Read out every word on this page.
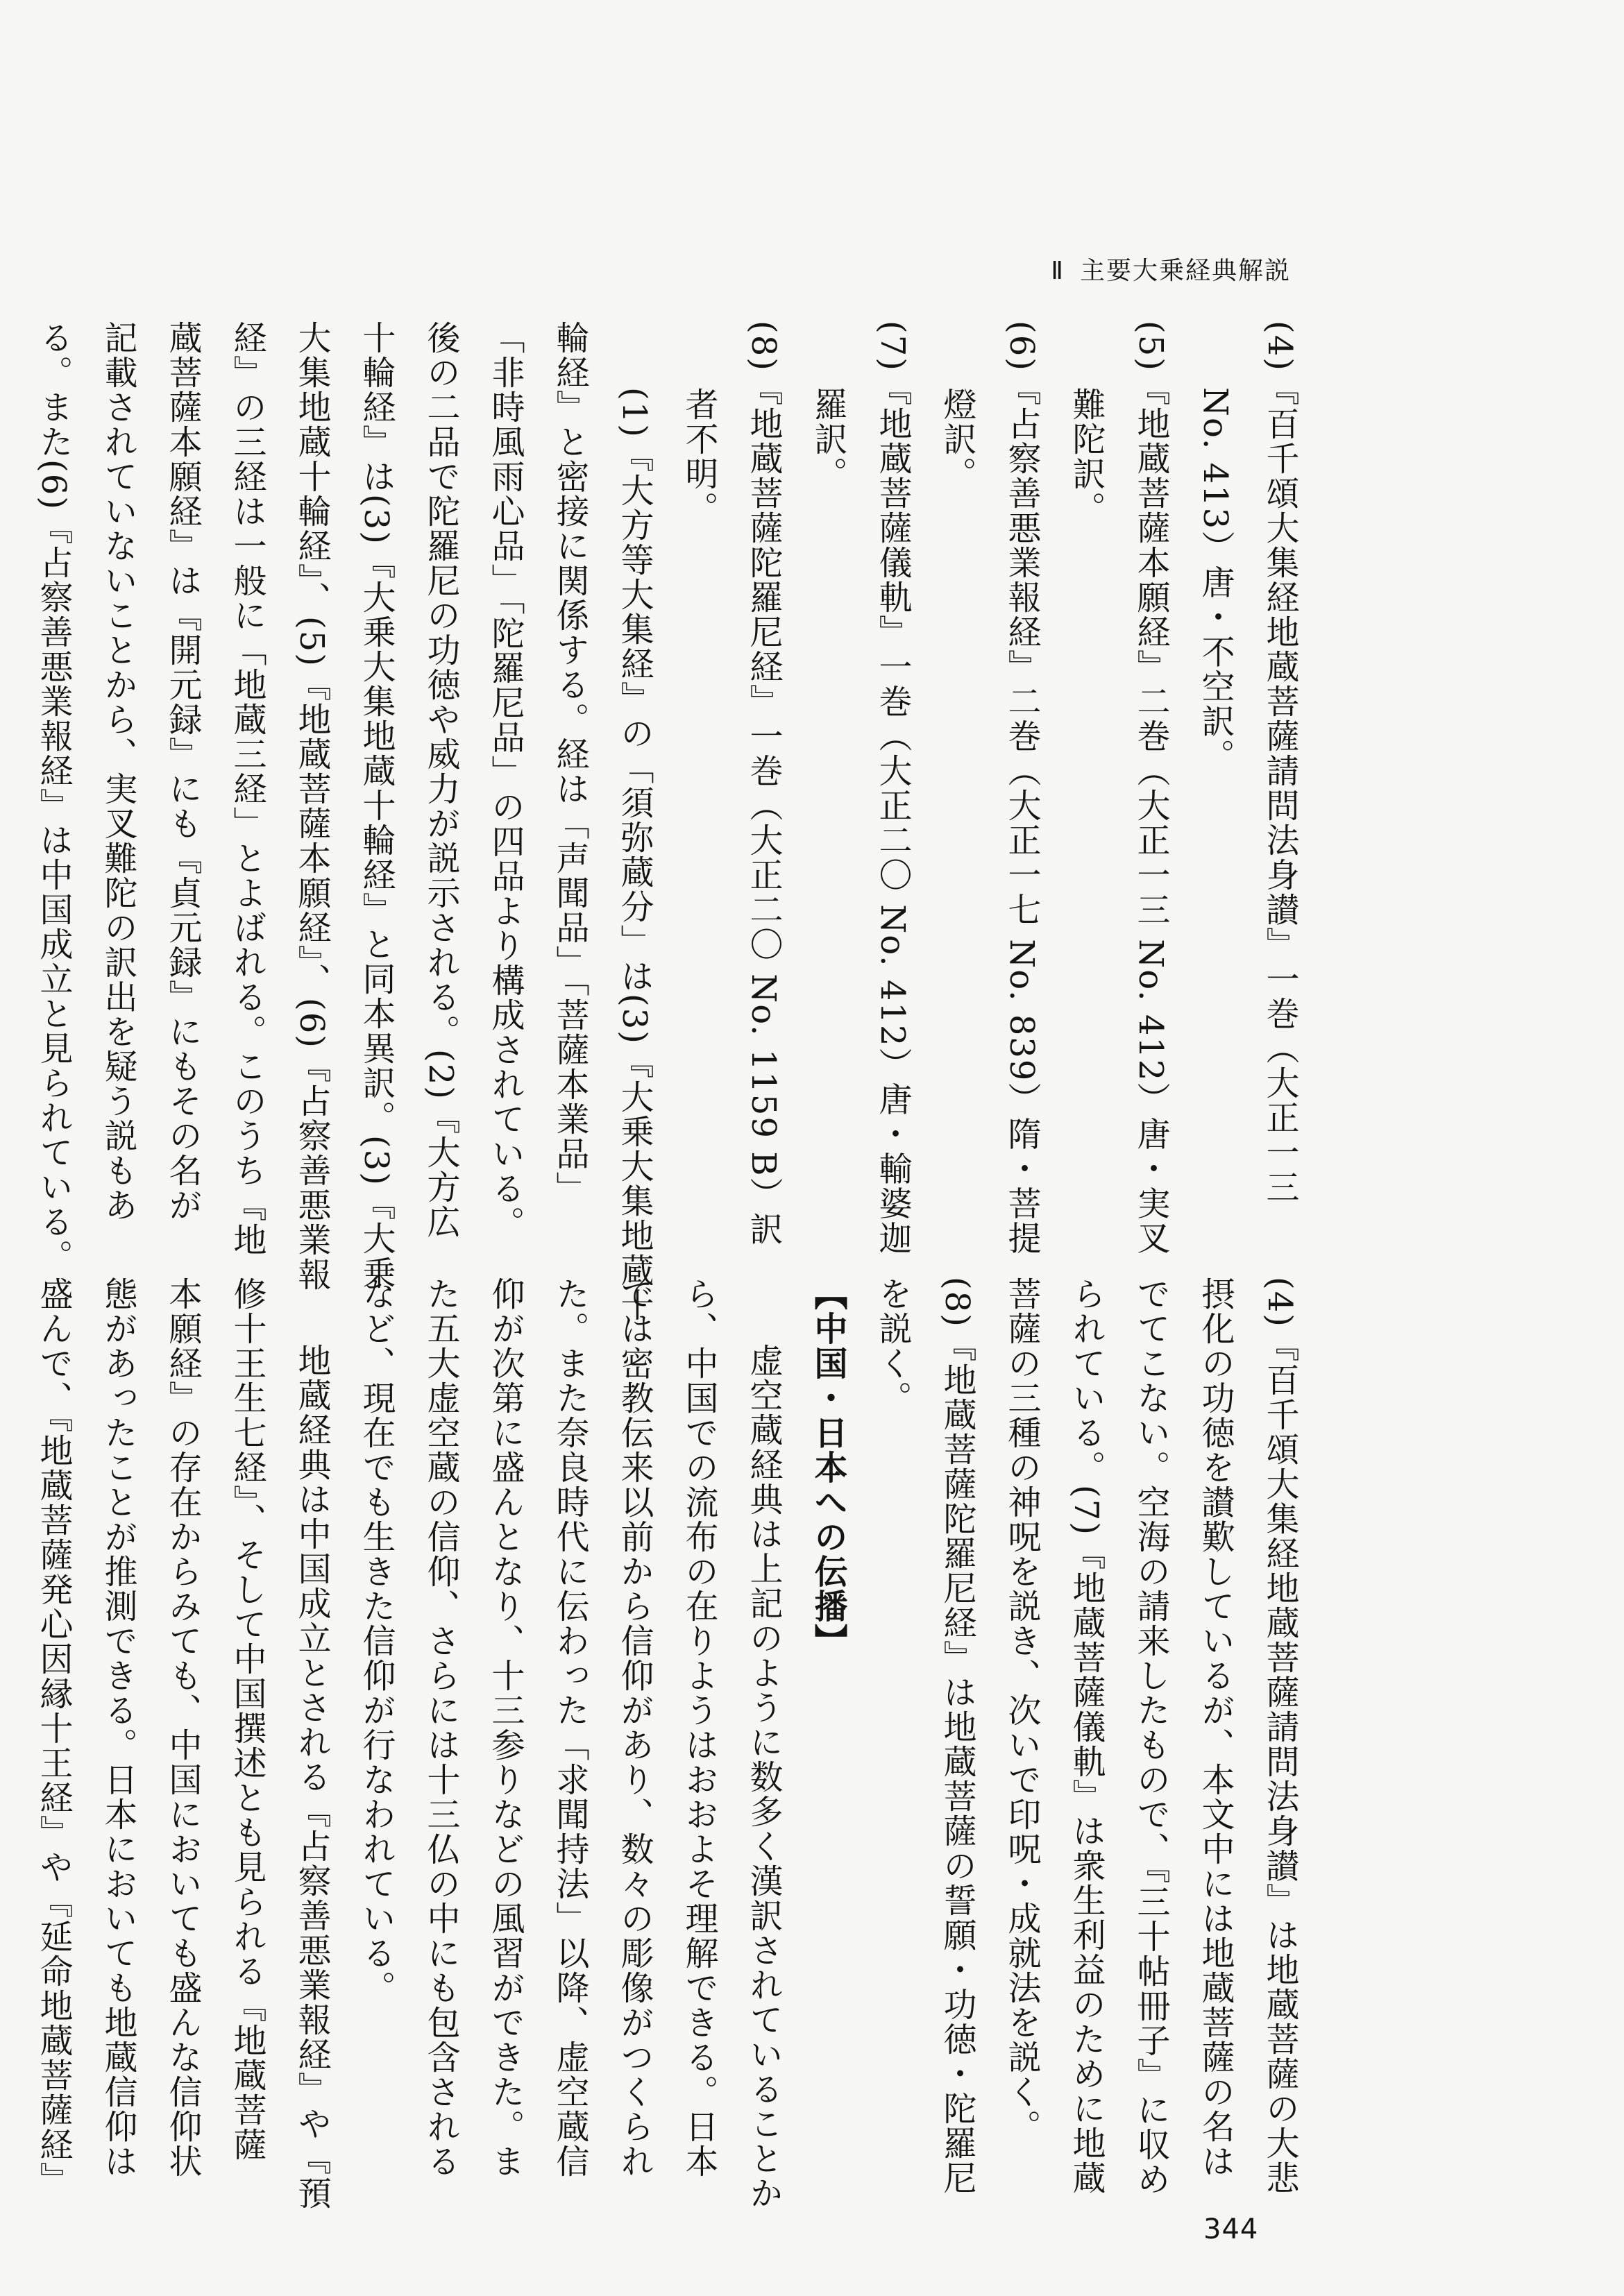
Ⅱ 主要大乗経典解説

(4)『百千頌大集経地蔵菩薩請問法身讃』一巻（大正一三

No. 413）唐・不空訳。

(5)『地蔵菩薩本願経』二巻（大正一三 No. 412）唐・実叉

難陀訳。

(6)『占察善悪業報経』二巻（大正一七 No. 839）隋・菩提

燈訳。

(7)『地蔵菩薩儀軌』一巻（大正二〇 No. 412）唐・輸婆迦

羅訳。

(8)『地蔵菩薩陀羅尼経』一巻（大正二〇 No. 1159 B）訳

者不明。

(1)『大方等大集経』の「須弥蔵分」は(3)『大乗大集地蔵十

輪経』と密接に関係する。経は「声聞品」「菩薩本業品」

「非時風雨心品」「陀羅尼品」の四品より構成されている。

後の二品で陀羅尼の功徳や威力が説示される。(2)『大方広

十輪経』は(3)『大乗大集地蔵十輪経』と同本異訳。(3)『大乗

大集地蔵十輪経』、(5)『地蔵菩薩本願経』、(6)『占察善悪業報

経』の三経は一般に「地蔵三経」とよばれる。このうち『地

蔵菩薩本願経』は『開元録』にも『貞元録』にもその名が

記載されていないことから、実叉難陀の訳出を疑う説もあ

る。また(6)『占察善悪業報経』は中国成立と見られている。

(4)『百千頌大集経地蔵菩薩請問法身讃』は地蔵菩薩の大悲

摂化の功徳を讃歎しているが、本文中には地蔵菩薩の名は

でてこない。空海の請来したもので、『三十帖冊子』に収め

られている。(7)『地蔵菩薩儀軌』は衆生利益のために地蔵

菩薩の三種の神呪を説き、次いで印呪・成就法を説く。

(8)『地蔵菩薩陀羅尼経』は地蔵菩薩の誓願・功徳・陀羅尼

を説く。

【中国・日本への伝播】

虚空蔵経典は上記のように数多く漢訳されていることか

ら、中国での流布の在りようはおおよそ理解できる。日本

では密教伝来以前から信仰があり、数々の彫像がつくられ

た。また奈良時代に伝わった「求聞持法」以降、虚空蔵信

仰が次第に盛んとなり、十三参りなどの風習ができた。ま

た五大虚空蔵の信仰、さらには十三仏の中にも包含される

など、現在でも生きた信仰が行なわれている。

地蔵経典は中国成立とされる『占察善悪業報経』や『預

修十王生七経』、そして中国撰述とも見られる『地蔵菩薩

本願経』の存在からみても、中国においても盛んな信仰状

態があったことが推測できる。日本においても地蔵信仰は

盛んで、『地蔵菩薩発心因縁十王経』や『延命地蔵菩薩経』

344
